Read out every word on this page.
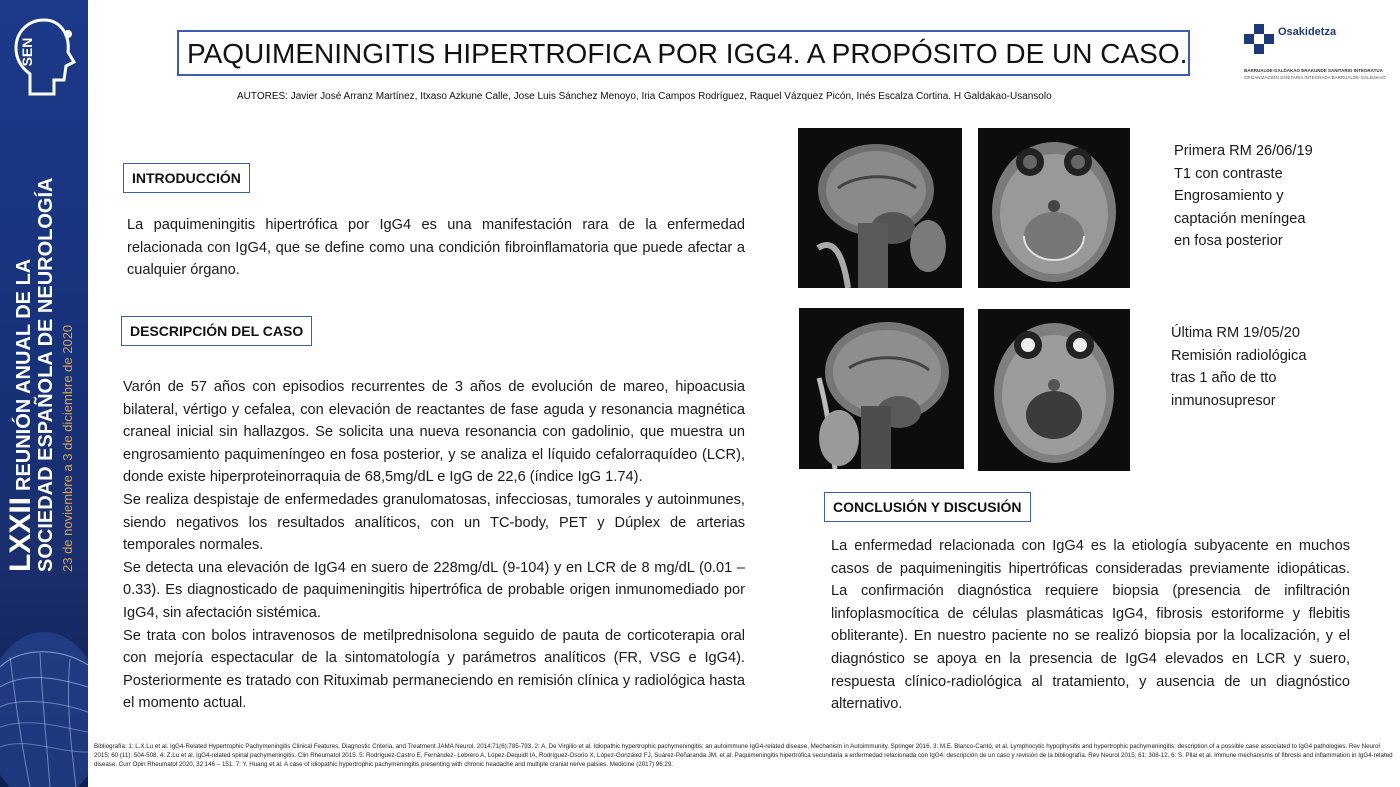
SEN
LXXIIREUNIÓN ANUAL DE LA SOCIEDAD ESPAÑOLA DE NEUROLOGÍA 23 de noviembre a 3 de diciembre de 2020
PAQUIMENINGITIS HIPERTROFICA POR IGG4. A PROPÓSITO DE UN CASO.
AUTORES: Javier José Arranz Martínez, Itxaso Azkune Calle, Jose Luis Sánchez Menoyo, Iria Campos Rodríguez, Raquel Vázquez Picón, Inés Escalza Cortina. H Galdakao-Usansolo
Osakidetza
BARRUALDE-GALDAKAO ERAKUNDE SANITARIO INTEGRATUA
ORGANIZACIÓN SANITARIA INTEGRADA BARRUALDE-GALDAKAO
INTRODUCCIÓN

La paquimeningitis hipertrófica por IgG4 es una manifestación rara de la enfermedad relacionada con IgG4, que se define como una condición fibroinflamatoria que puede afectar a cualquier órgano.

DESCRIPCIÓN DEL CASO

Varón de 57 años con episodios recurrentes de 3 años de evolución de mareo, hipoacusia bilateral, vértigo y cefalea, con elevación de reactantes de fase aguda y resonancia magnética craneal inicial sin hallazgos. Se solicita una nueva resonancia con gadolinio, que muestra un engrosamiento paquimeníngeo en fosa posterior, y se analiza el líquido cefalorraquídeo (LCR), donde existe hiperproteinorraquia de 68,5mg/dL e IgG de 22,6 (índice IgG 1.74).

Se realiza despistaje de enfermedades granulomatosas, infecciosas, tumorales y autoinmunes, siendo negativos los resultados analíticos, con un TC-body, PET y Dúplex de arterias temporales normales.

Se detecta una elevación de IgG4 en suero de 228mg/dL (9-104) y en LCR de 8 mg/dL (0.01 – 0.33). Es diagnosticado de paquimeningitis hipertrófica de probable origen inmunomediado por IgG4, sin afectación sistémica.

Se trata con bolos intravenosos de metilprednisolona seguido de pauta de corticoterapia oral con mejoría espectacular de la sintomatología y parámetros analíticos (FR, VSG e IgG4). Posteriormente es tratado con Rituximab permaneciendo en remisión clínica y radiológica hasta el momento actual.

Primera RM 26/06/19
T1 con contraste
Engrosamiento y
captación meníngea
en fosa posterior
Última RM 19/05/20
Remisión radiológica
tras 1 año de tto
inmunosupresor
CONCLUSIÓN Y DISCUSIÓN

La enfermedad relacionada con IgG4 es la etiología subyacente en muchos casos de paquimeningitis hipertróficas consideradas previamente idiopáticas. La confirmación diagnóstica requiere biopsia (presencia de infiltración linfoplasmocítica de células plasmáticas IgG4, fibrosis estoriforme y flebitis obliterante). En nuestro paciente no se realizó biopsia por la localización, y el diagnóstico se apoya en la presencia de IgG4 elevados en LCR y suero, respuesta clínico-radiológica al tratamiento, y ausencia de un diagnóstico alternativo.

Bibliografía: 1: L.X.Lu et al. IgG4-Related Hypertrophic Pachymeningitis Clinical Features, Diagnostic Criteria, and Treatment JAMA Neurol. 2014;71(6):785-793. 2: A. De Virgilio et al. Idiopathic hypertrophic pachymeningitis: an autoimmune IgG4-related disease, Mechanism in Autoimmunity. Springer 2016. 3: M.E. Blanco-Cantó, et al. Lymphocytic hypophysitis and hypertrophic pachymeningitis: description of a possible case associated to IgG4 pathologies. Rev Neurol 2015; 60 (11): 504-508. 4: Z.Lu et al. IgG4-related spinal pachymeningitis. Clin Rheumatol 2015. 5: Rodríguez-Castro E, Fernández- Lebrero A, López-Dequidt IA, Rodríguez-Osorio X, López-González FJ, Suárez-Peñaranda JM, et al. Paquimeningitis hipertrófica secundaria a enfermedad relacionada con IgG4: descripción de un caso y revisión de la bibliografía. Rev Neurol 2015; 61: 308-12. 6: S. Pllai et al. Immune mechanisms of fibrosis and inflammation in IgG4-related disease. Curr Opin Rheumatol 2020, 32:146 – 151. 7: Y. Huang et al. A case of idiopathic hypertrophic pachymeningitis presenting with chronic headache and multiple cranial nerve palsies. Medicine (2017) 96:29.
